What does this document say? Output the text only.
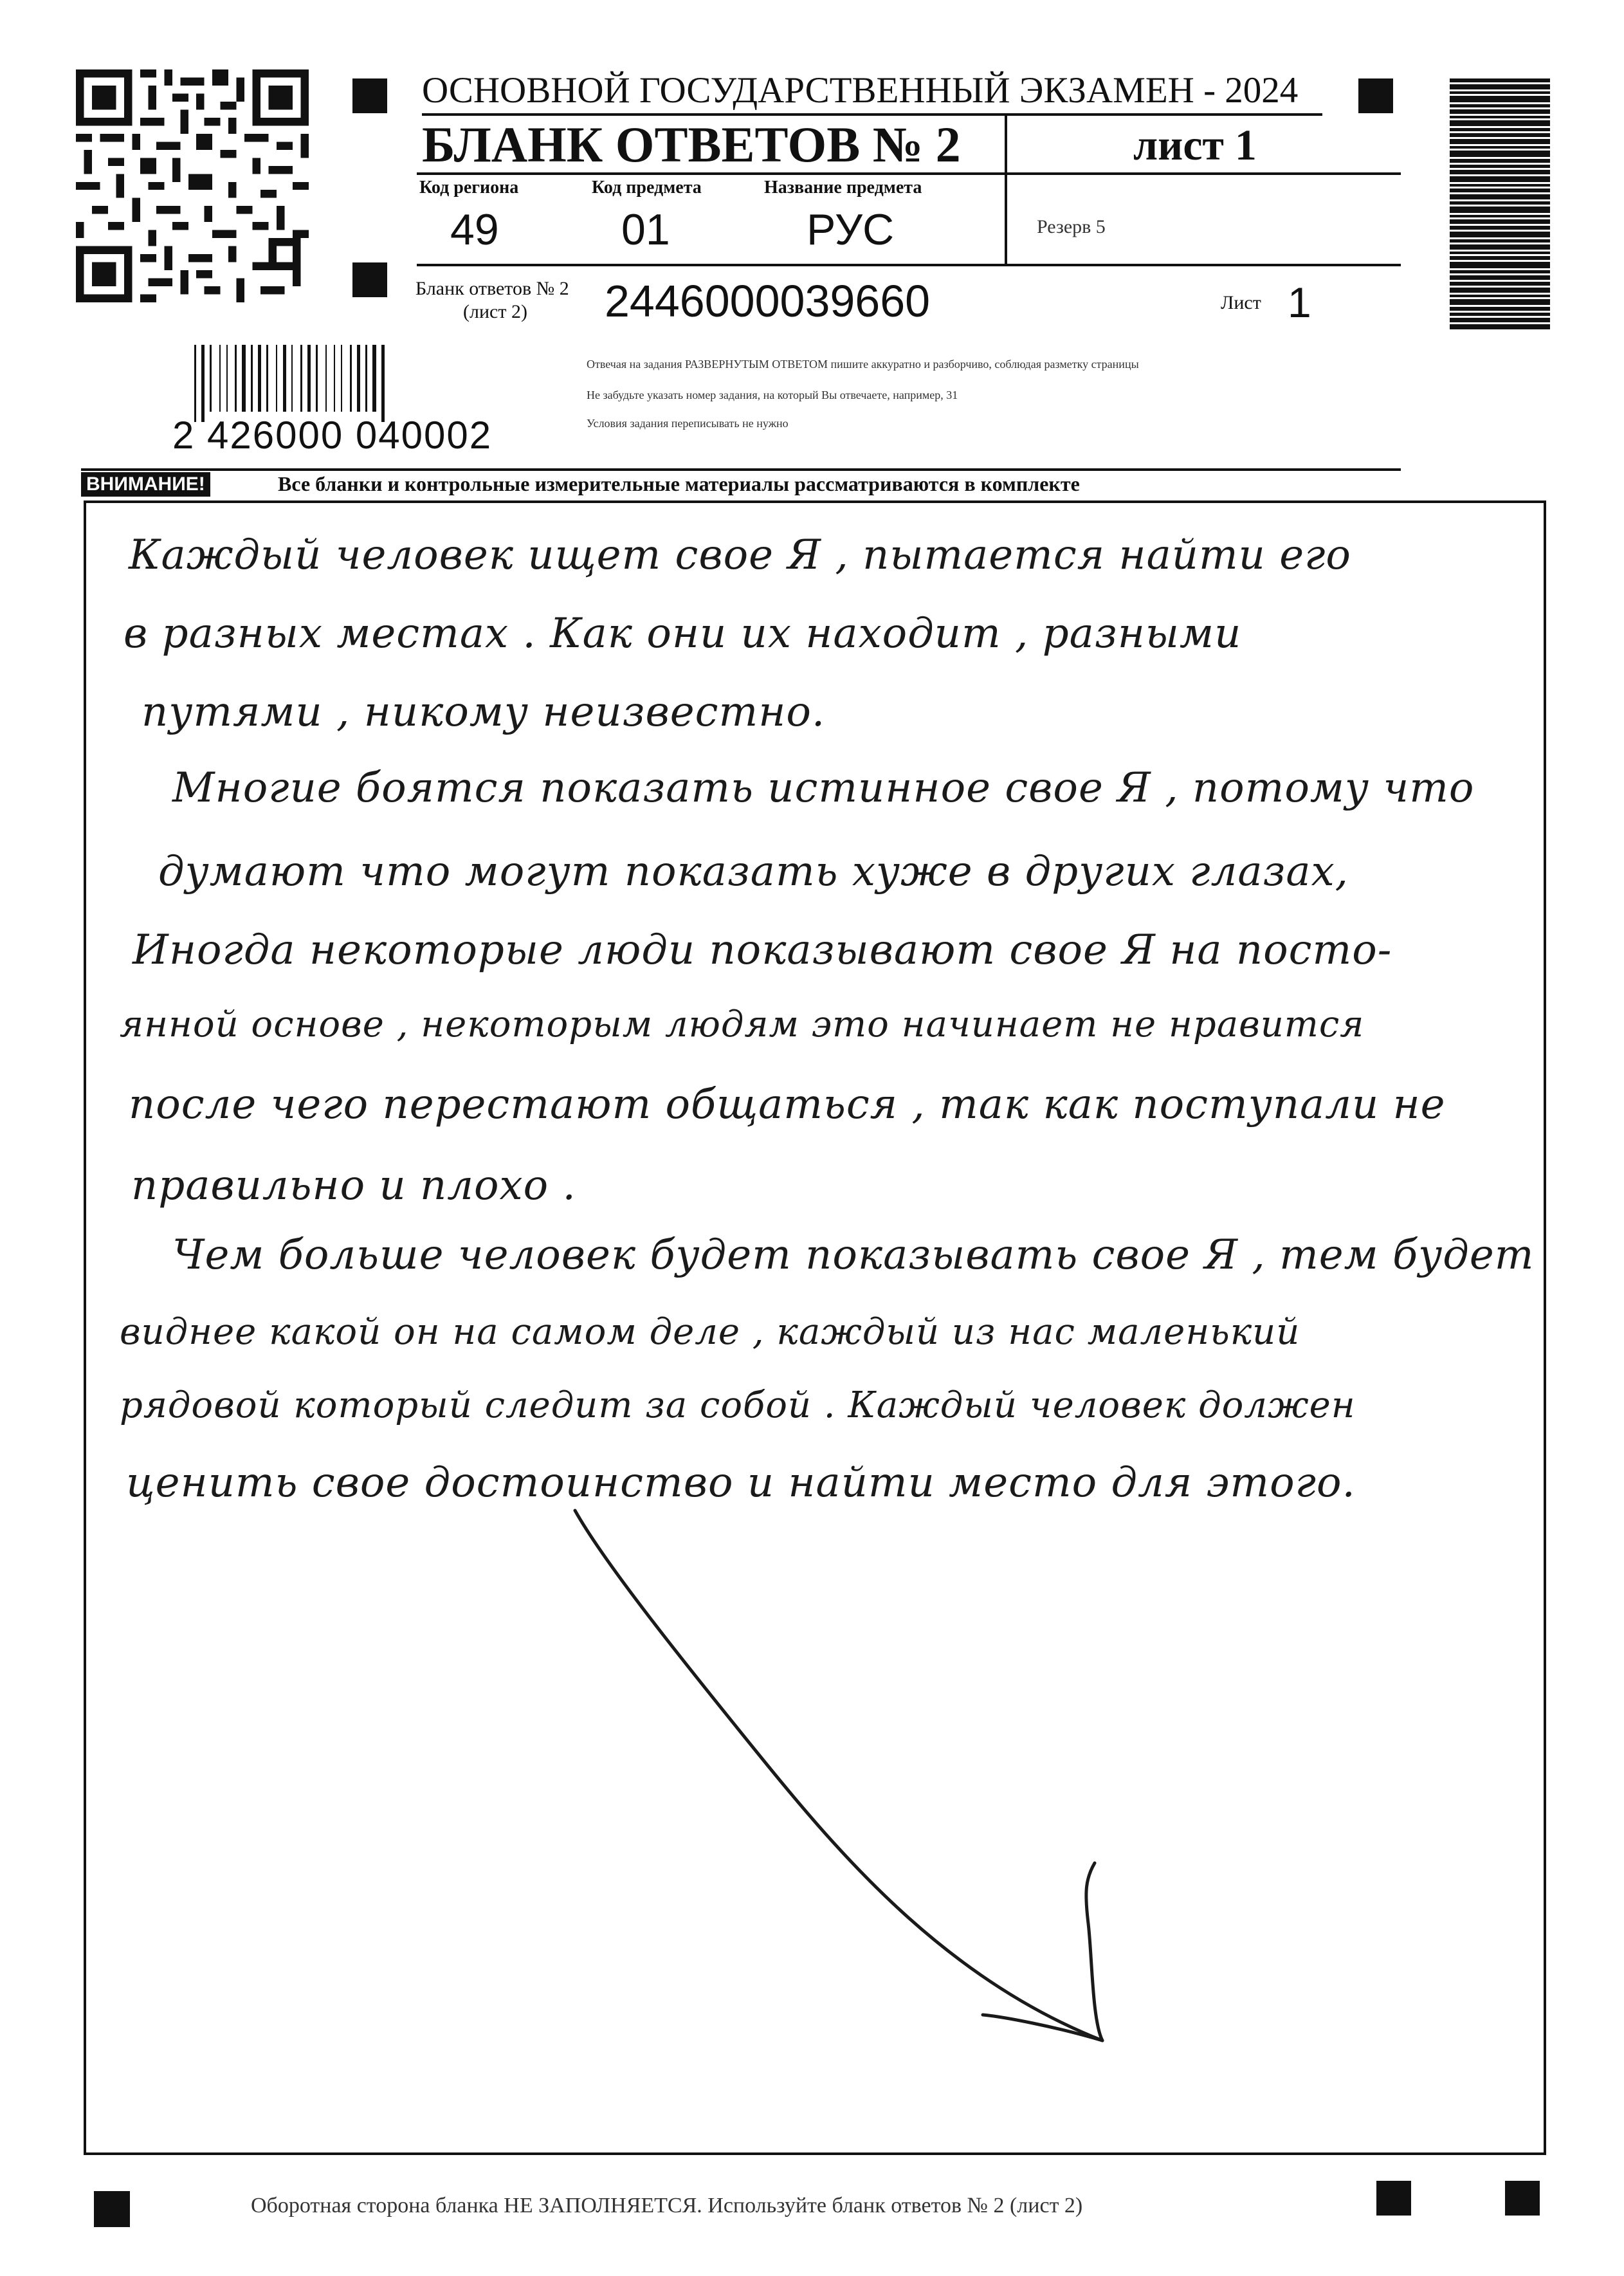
ОСНОВНОЙ ГОСУДАРСТВЕННЫЙ ЭКЗАМЕН - 2024
БЛАНК ОТВЕТОВ № 2	лист 1
Код региона	Код предмета	Название предмета
49	01	РУС	Резерв 5
Бланк ответов № 2
(лист 2) 2446000039660	Лист 1
2 426000 040002
Отвечая на задания РАЗВЕРНУТЫМ ОТВЕТОМ пишите аккуратно и разборчиво, соблюдая разметку страницы
Не забудьте указать номер задания, на который Вы отвечаете, например, 31
Условия задания переписывать не нужно
ВНИМАНИЕ!	Все бланки и контрольные измерительные материалы рассматриваются в комплекте
Каждый человек ищет свое Я , пытается найти его
в разных местах . Как они их находит , разными
путями , никому неизвестно.
Многие боятся показать истинное свое Я , потому что
думают что могут показать хуже в других глазах,
Иногда некоторые люди показывают свое Я на посто-
янной основе , некоторым людям это начинает не нравится
после чего перестают общаться , так как поступали не
правильно и плохо .
Чем больше человек будет показывать свое Я , тем будет
виднее какой он на самом деле , каждый из нас маленький
рядовой который следит за собой . Каждый человек должен
ценить свое достоинство и найти место для этого.
Оборотная сторона бланка НЕ ЗАПОЛНЯЕТСЯ. Используйте бланк ответов № 2 (лист 2)
